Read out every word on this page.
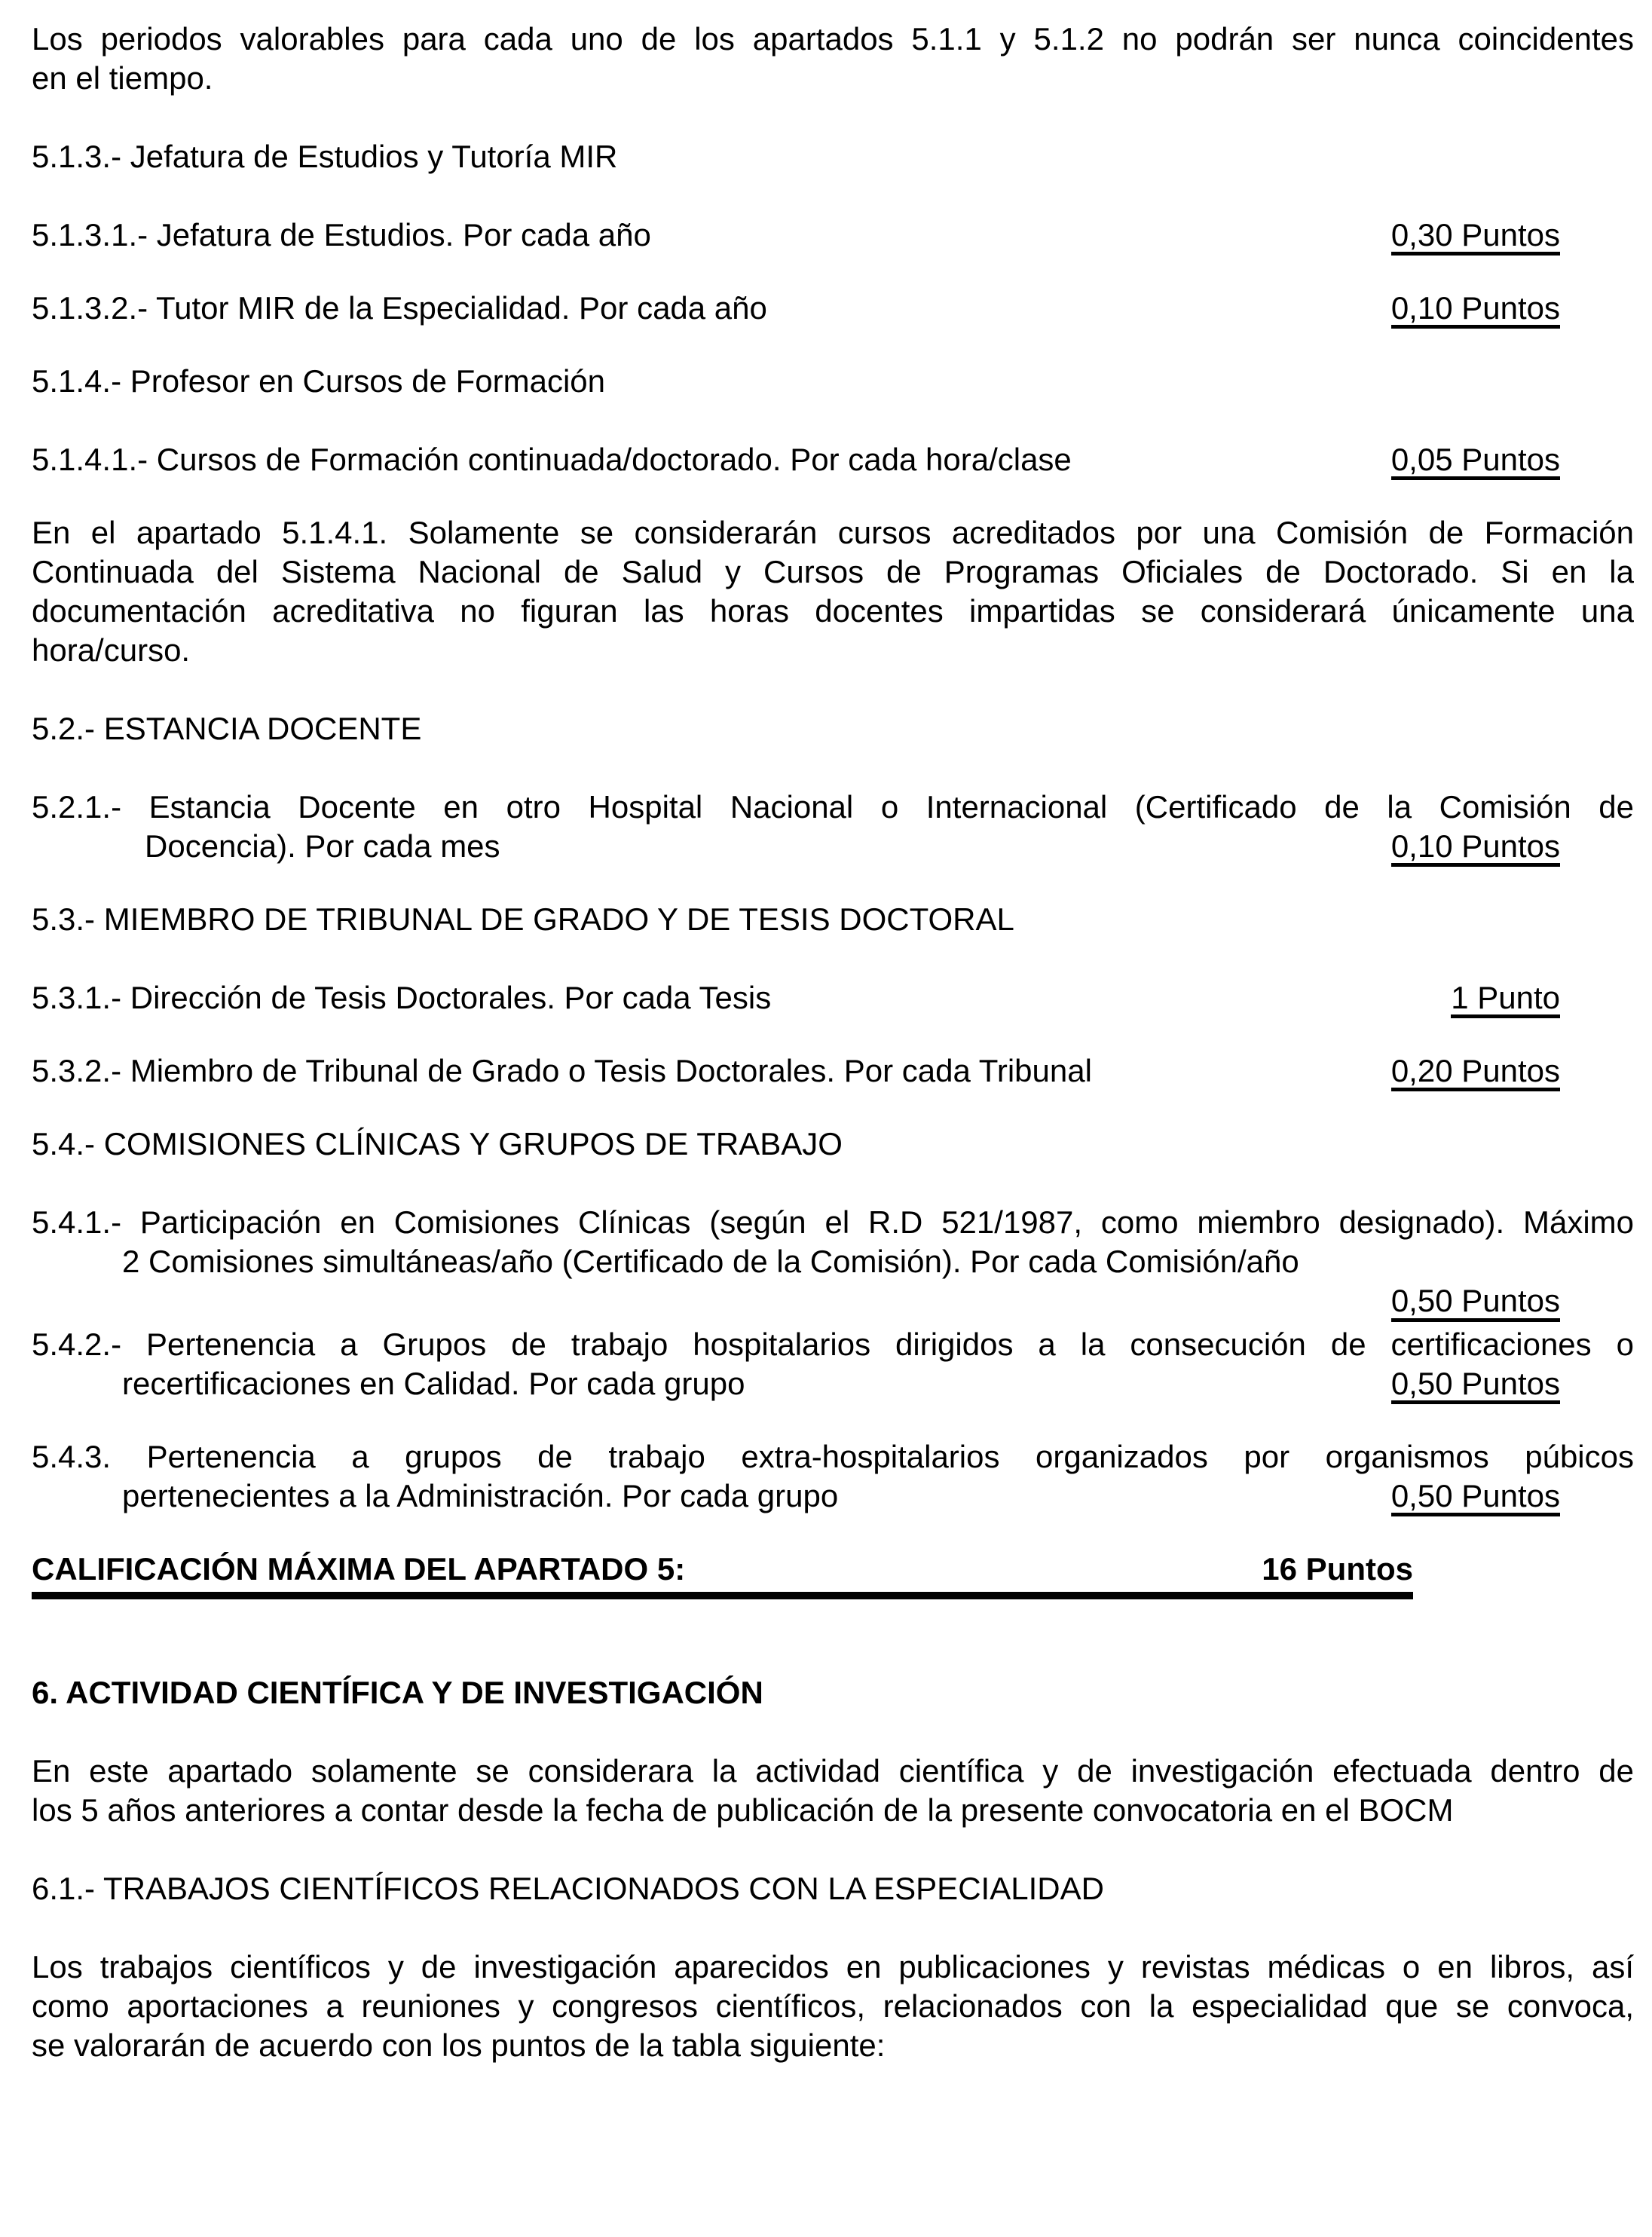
Los periodos valorables para cada uno de los apartados 5.1.1 y 5.1.2 no podrán ser nunca coincidentes
en el tiempo.
5.1.3.- Jefatura de Estudios y Tutoría MIR
5.1.3.1.- Jefatura de Estudios. Por cada año	0,30 Puntos
5.1.3.2.- Tutor MIR de la Especialidad. Por cada año	0,10 Puntos
5.1.4.- Profesor en Cursos de Formación
5.1.4.1.- Cursos de Formación continuada/doctorado. Por cada hora/clase	0,05 Puntos
En el apartado 5.1.4.1. Solamente se considerarán cursos acreditados por una Comisión de Formación
Continuada del Sistema Nacional de Salud y Cursos de Programas Oficiales de Doctorado. Si en la
documentación acreditativa no figuran las horas docentes impartidas se considerará únicamente una
hora/curso.
5.2.- ESTANCIA DOCENTE
5.2.1.- Estancia Docente en otro Hospital Nacional o Internacional (Certificado de la Comisión de
Docencia). Por cada mes	0,10 Puntos
5.3.- MIEMBRO DE TRIBUNAL DE GRADO Y DE TESIS DOCTORAL
5.3.1.- Dirección de Tesis Doctorales. Por cada Tesis	1 Punto
5.3.2.- Miembro de Tribunal de Grado o Tesis Doctorales. Por cada Tribunal	0,20 Puntos
5.4.- COMISIONES CLÍNICAS Y GRUPOS DE TRABAJO
5.4.1.- Participación en Comisiones Clínicas (según el R.D 521/1987, como miembro designado). Máximo
2 Comisiones simultáneas/año (Certificado de la Comisión). Por cada Comisión/año
0,50 Puntos
5.4.2.- Pertenencia a Grupos de trabajo hospitalarios dirigidos a la consecución de certificaciones o
recertificaciones en Calidad. Por cada grupo	0,50 Puntos
5.4.3. Pertenencia a grupos de trabajo extra-hospitalarios organizados por organismos púbicos
pertenecientes a la Administración. Por cada grupo	0,50 Puntos
CALIFICACIÓN MÁXIMA DEL APARTADO 5:	16 Puntos
6. ACTIVIDAD CIENTÍFICA Y DE INVESTIGACIÓN
En este apartado solamente se considerara la actividad científica y de investigación efectuada dentro de
los 5 años anteriores a contar desde la fecha de publicación de la presente convocatoria en el BOCM
6.1.- TRABAJOS CIENTÍFICOS RELACIONADOS CON LA ESPECIALIDAD
Los trabajos científicos y de investigación aparecidos en publicaciones y revistas médicas o en libros, así
como aportaciones a reuniones y congresos científicos, relacionados con la especialidad que se convoca,
se valorarán de acuerdo con los puntos de la tabla siguiente:
